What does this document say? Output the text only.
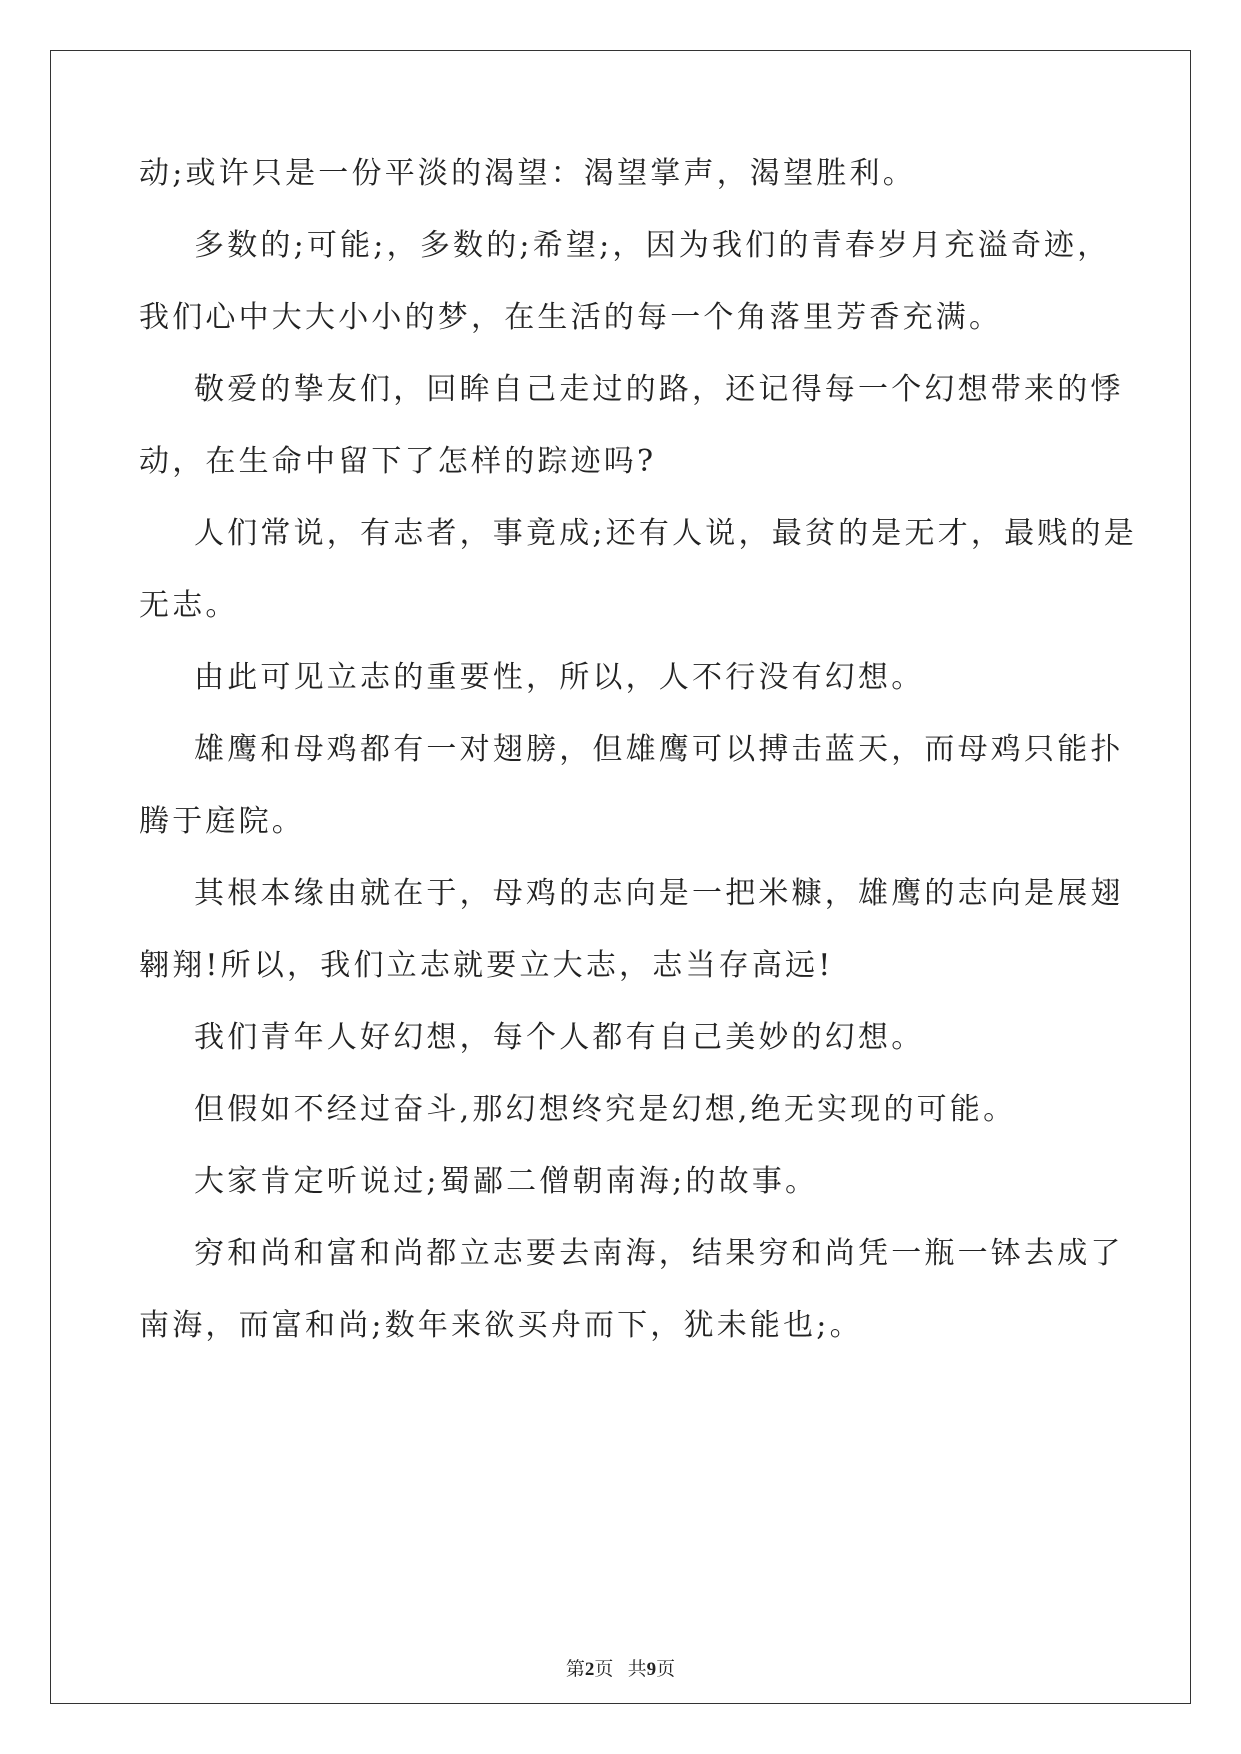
动;或许只是一份平淡的渴望：渴望掌声，渴望胜利。
多数的;可能;，多数的;希望;，因为我们的青春岁月充溢奇迹，
我们心中大大小小的梦，在生活的每一个角落里芳香充满。
敬爱的挚友们，回眸自己走过的路，还记得每一个幻想带来的悸
动，在生命中留下了怎样的踪迹吗?
人们常说，有志者，事竟成;还有人说，最贫的是无才，最贱的是
无志。
由此可见立志的重要性，所以，人不行没有幻想。
雄鹰和母鸡都有一对翅膀，但雄鹰可以搏击蓝天，而母鸡只能扑
腾于庭院。
其根本缘由就在于，母鸡的志向是一把米糠，雄鹰的志向是展翅
翱翔!所以，我们立志就要立大志，志当存高远!
我们青年人好幻想，每个人都有自己美妙的幻想。
但假如不经过奋斗,那幻想终究是幻想,绝无实现的可能。
大家肯定听说过;蜀鄙二僧朝南海;的故事。
穷和尚和富和尚都立志要去南海，结果穷和尚凭一瓶一钵去成了
南海，而富和尚;数年来欲买舟而下，犹未能也;。
第2页   共9页
